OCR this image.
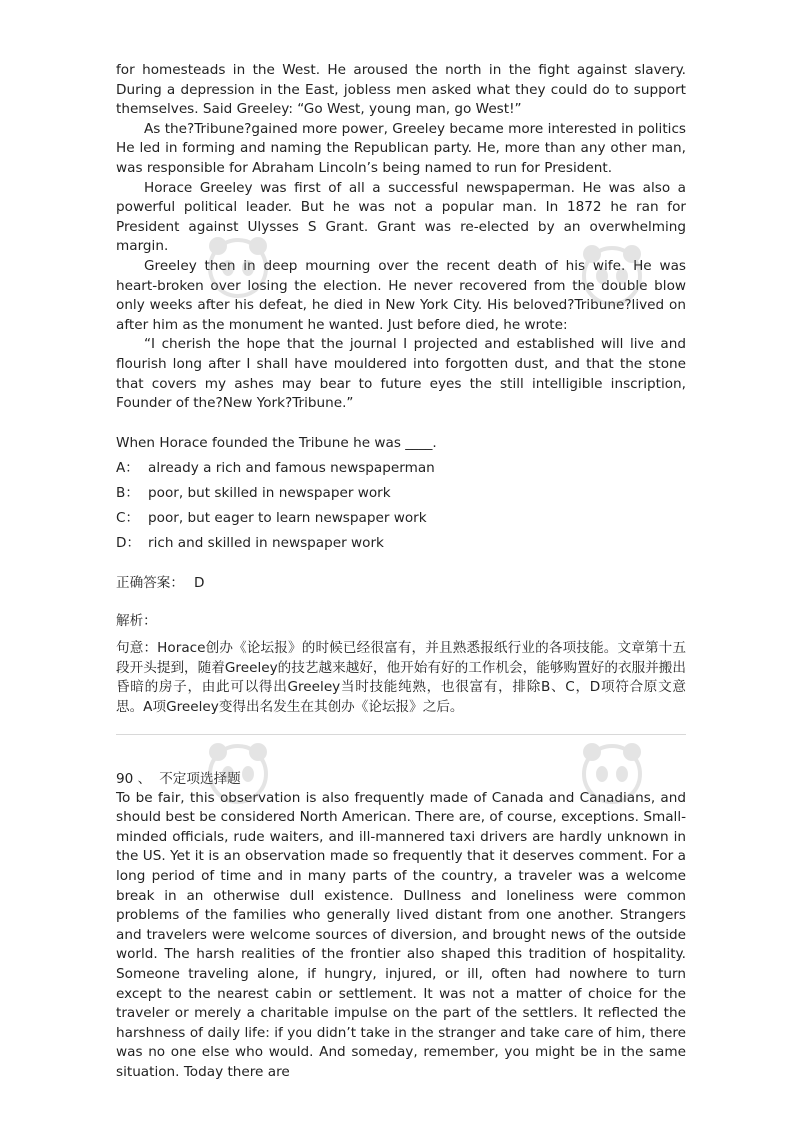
for homesteads in the West. He aroused the north in the fight against slavery. During a depression in the East, jobless men asked what they could do to support themselves. Said Greeley: “Go West, young man, go West!”

As the?Tribune?gained more power, Greeley became more interested in politics He led in forming and naming the Republican party. He, more than any other man, was responsible for Abraham Lincoln’s being named to run for President.

Horace Greeley was first of all a successful newspaperman. He was also a powerful political leader. But he was not a popular man. In 1872 he ran for President against Ulysses S Grant. Grant was re-elected by an overwhelming margin.

Greeley then in deep mourning over the recent death of his wife. He was heart-broken over losing the election. He never recovered from the double blow only weeks after his defeat, he died in New York City. His beloved?Tribune?lived on after him as the monument he wanted. Just before died, he wrote:

“I cherish the hope that the journal I projected and established will live and flourish long after I shall have mouldered into forgotten dust, and that the stone that covers my ashes may bear to future eyes the still intelligible inscription, Founder of the?New York?Tribune.”

When Horace founded the Tribune he was ____.

A： already a rich and famous newspaperman
B： poor, but skilled in newspaper work
C： poor, but eager to learn newspaper work
D： rich and skilled in newspaper work
正确答案： D
解析：

句意：Horace创办《论坛报》的时候已经很富有，并且熟悉报纸行业的各项技能。文章第十五段开头提到，随着Greeley的技艺越来越好，他开始有好的工作机会，能够购置好的衣服并搬出昏暗的房子，由此可以得出Greeley当时技能纯熟，也很富有，排除B、C，D项符合原文意思。A项Greeley变得出名发生在其创办《论坛报》之后。

90 、 不定项选择题

To be fair, this observation is also frequently made of Canada and Canadians, and should best be considered North American. There are, of course, exceptions. Small-minded officials, rude waiters, and ill-mannered taxi drivers are hardly unknown in the US. Yet it is an observation made so frequently that it deserves comment. For a long period of time and in many parts of the country, a traveler was a welcome break in an otherwise dull existence. Dullness and loneliness were common problems of the families who generally lived distant from one another. Strangers and travelers were welcome sources of diversion, and brought news of the outside world. The harsh realities of the frontier also shaped this tradition of hospitality. Someone traveling alone, if hungry, injured, or ill, often had nowhere to turn except to the nearest cabin or settlement. It was not a matter of choice for the traveler or merely a charitable impulse on the part of the settlers. It reflected the harshness of daily life: if you didn’t take in the stranger and take care of him, there was no one else who would. And someday, remember, you might be in the same situation. Today there are
